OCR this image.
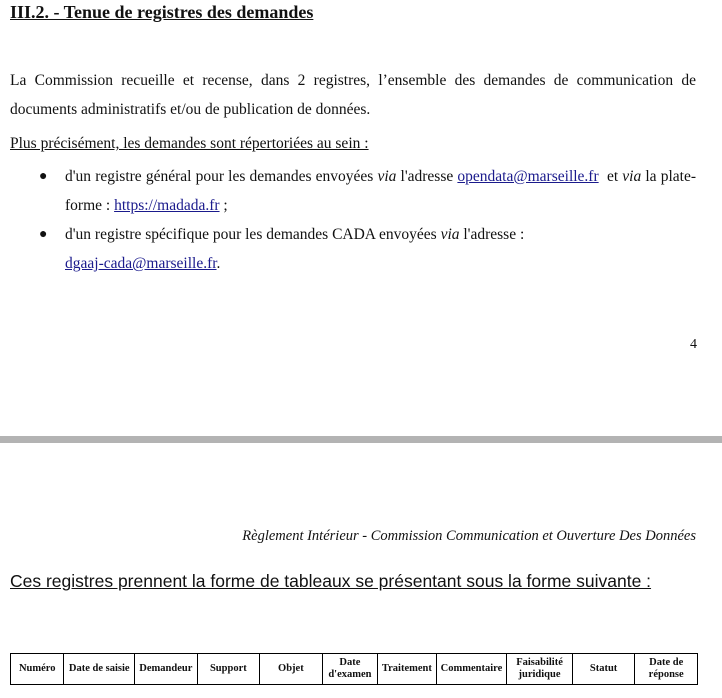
III.2. - Tenue de registres des demandes
La Commission recueille et recense, dans 2 registres, l’ensemble des demandes de communication de documents administratifs et/ou de publication de données.
Plus précisément, les demandes sont répertoriées au sein :
● d'un registre général pour les demandes envoyées via l'adresse opendata@marseille.fr  et via la plate-forme : https://madada.fr ;
● d'un registre spécifique pour les demandes CADA envoyées via l'adresse :
dgaaj-cada@marseille.fr.
4
Règlement Intérieur - Commission Communication et Ouverture Des Données
Ces registres prennent la forme de tableaux se présentant sous la forme suivante :
Numéro	Date de saisie	Demandeur	Support	Objet	Date d'examen	Traitement	Commentaire	Faisabilité juridique	Statut	Date de réponse
